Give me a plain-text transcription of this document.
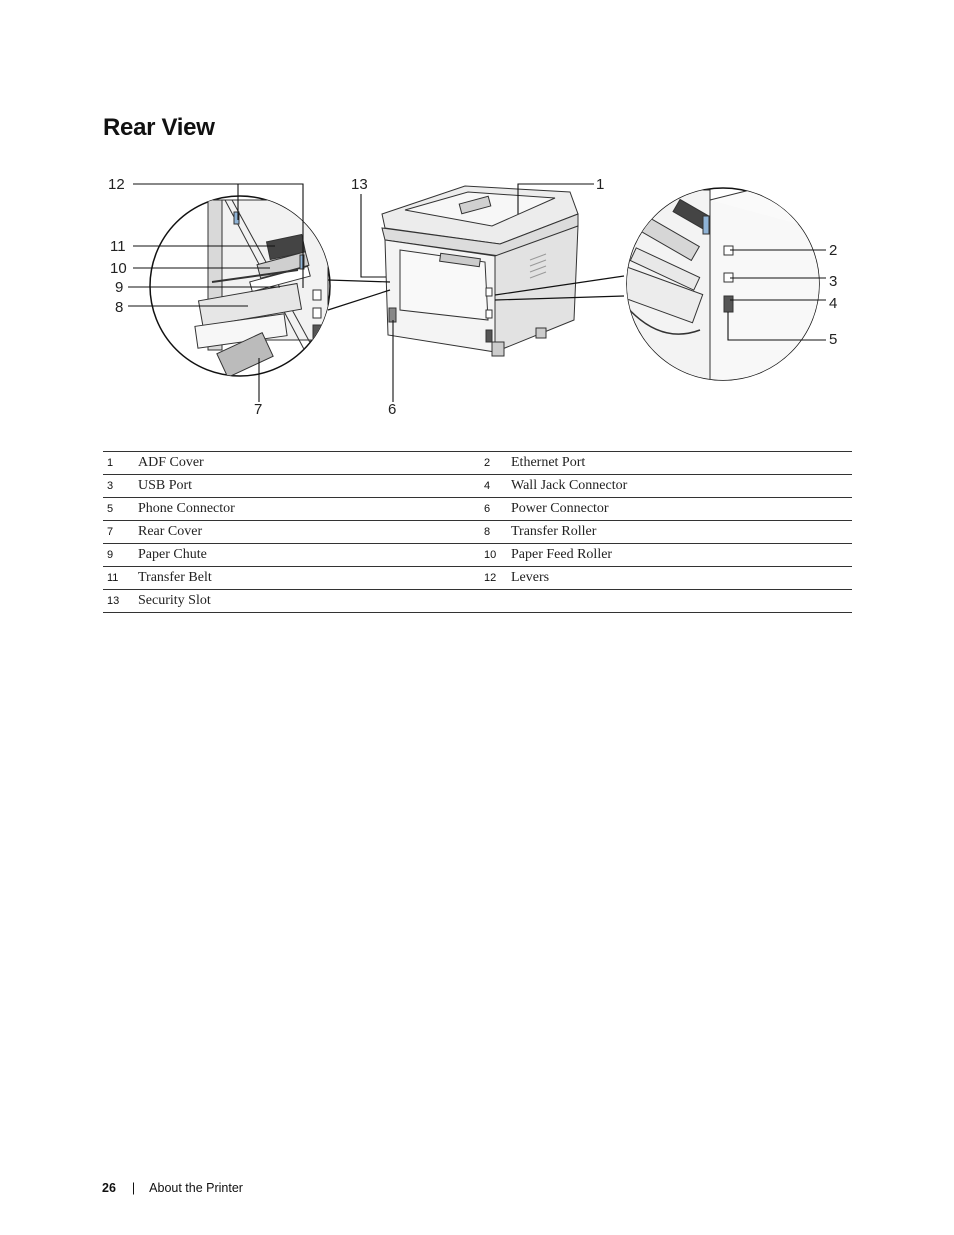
Rear View
12
11
10
9
8
13	1
2
3
4
5
7	6
1	ADF Cover	2	Ethernet Port
3	USB Port	4	Wall Jack Connector
5	Phone Connector	6	Power Connector
7	Rear Cover	8	Transfer Roller
9	Paper Chute	10	Paper Feed Roller
11	Transfer Belt	12	Levers
13	Security Slot		
26 | About the Printer
